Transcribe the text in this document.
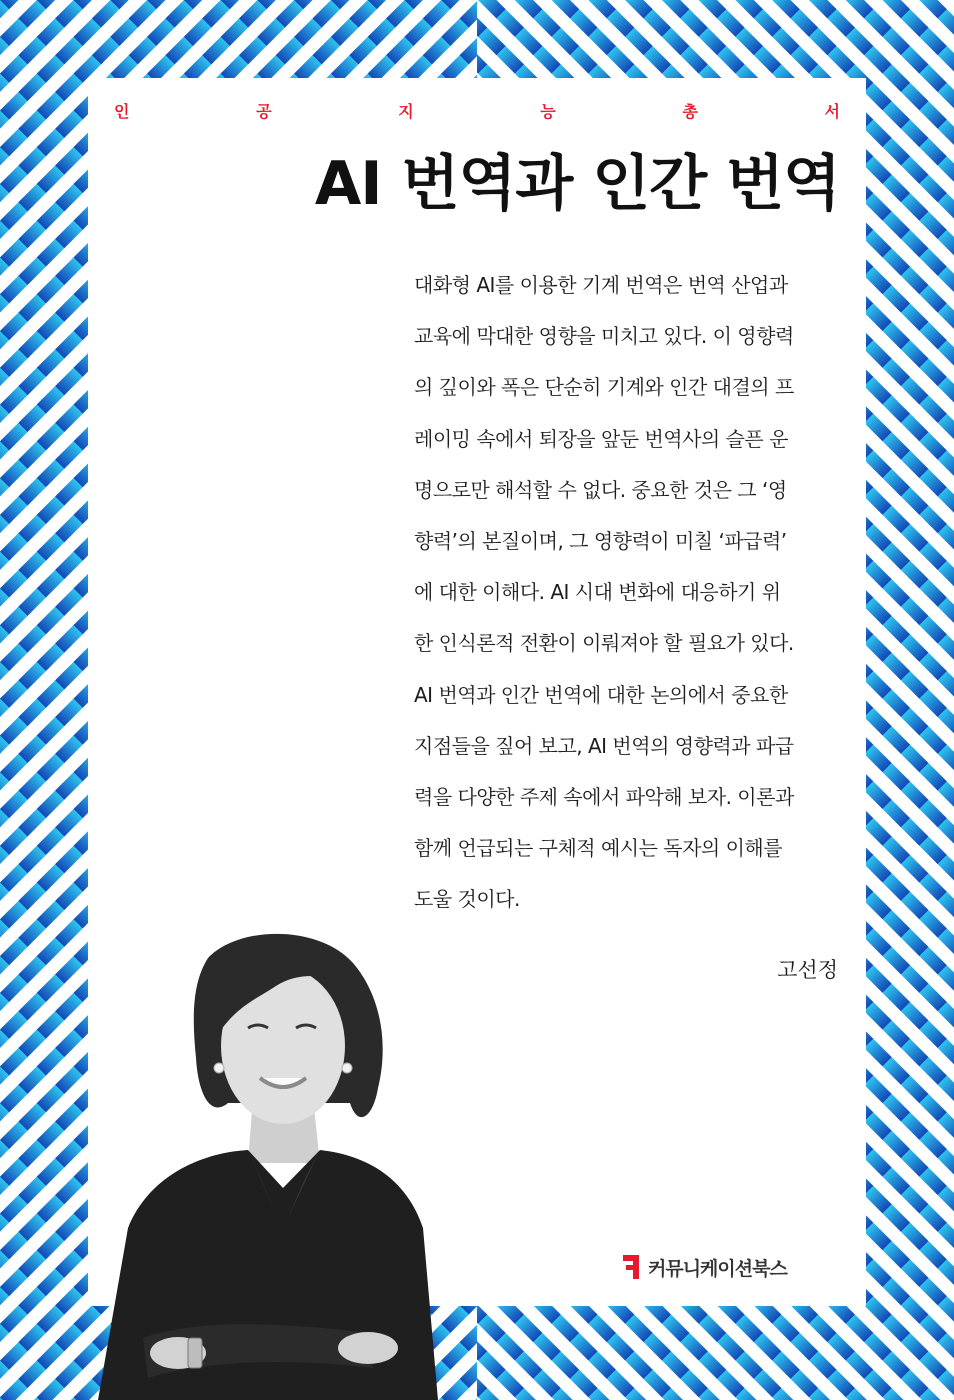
인	공	지	능	총	서
AI 번역과 인간 번역
대화형 AI를 이용한 기계 번역은 번역 산업과
교육에 막대한 영향을 미치고 있다. 이 영향력
의 깊이와 폭은 단순히 기계와 인간 대결의 프
레이밍 속에서 퇴장을 앞둔 번역사의 슬픈 운
명으로만 해석할 수 없다. 중요한 것은 그 ‘영
향력’의 본질이며, 그 영향력이 미칠 ‘파급력’
에 대한 이해다. AI 시대 변화에 대응하기 위
한 인식론적 전환이 이뤄져야 할 필요가 있다.
AI 번역과 인간 번역에 대한 논의에서 중요한
지점들을 짚어 보고, AI 번역의 영향력과 파급
력을 다양한 주제 속에서 파악해 보자. 이론과
함께 언급되는 구체적 예시는 독자의 이해를
도울 것이다.
고선정
커뮤니케이션북스
